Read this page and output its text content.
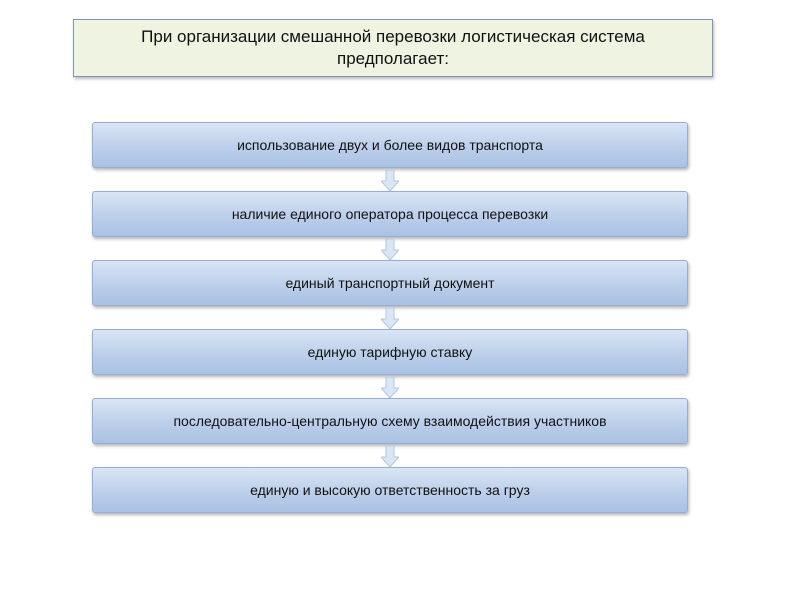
При организации смешанной перевозки логистическая система предполагает:
использование двух и более видов транспорта
наличие единого оператора процесса перевозки
единый транспортный документ
единую тарифную ставку
последовательно-центральную схему взаимодействия участников
единую и высокую ответственность за груз
